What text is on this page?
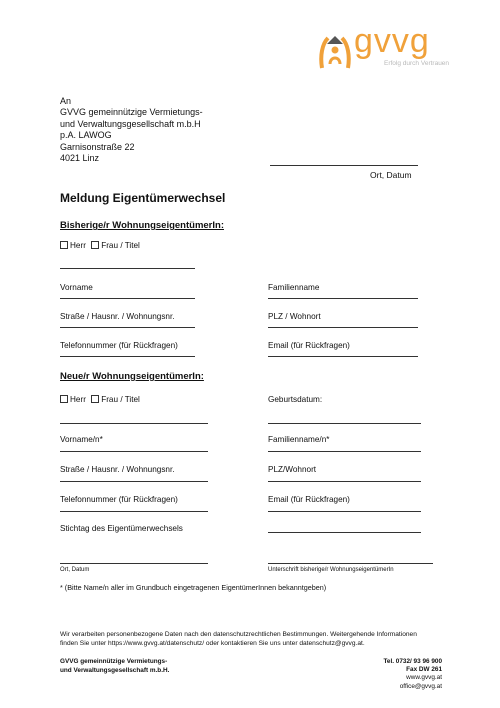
gvvg
Erfolg durch Vertrauen
An
GVVG gemeinnützige Vermietungs-
und Verwaltungsgesellschaft m.b.H
p.A. LAWOG
Garnisonstraße 22
4021 Linz
Ort, Datum
Meldung Eigentümerwechsel
Bisherige/r WohnungseigentümerIn:
Herr Frau / Titel
Vorname	Familienname
Straße / Hausnr. / Wohnungsnr.	PLZ / Wohnort
Telefonnummer (für Rückfragen)	Email (für Rückfragen)
Neue/r WohnungseigentümerIn:
Herr Frau / Titel	Geburtsdatum:
Vorname/n*	Familienname/n*
Straße / Hausnr. / Wohnungsnr.	PLZ/Wohnort
Telefonnummer (für Rückfragen)	Email (für Rückfragen)
Stichtag des Eigentümerwechsels
Ort, Datum	Unterschrift bisherige/r WohnungseigentümerIn
* (Bitte Name/n aller im Grundbuch eingetragenen EigentümerInnen bekanntgeben)
Wir verarbeiten personenbezogene Daten nach den datenschutzrechtlichen Bestimmungen. Weitergehende Informationen
finden Sie unter https://www.gvvg.at/datenschutz/ oder kontaktieren Sie uns unter datenschutz@gvvg.at.
GVVG gemeinnützige Vermietungs-
und Verwaltungsgesellschaft m.b.H.
Tel. 0732/ 93 96 900
Fax DW 261
www.gvvg.at
office@gvvg.at
